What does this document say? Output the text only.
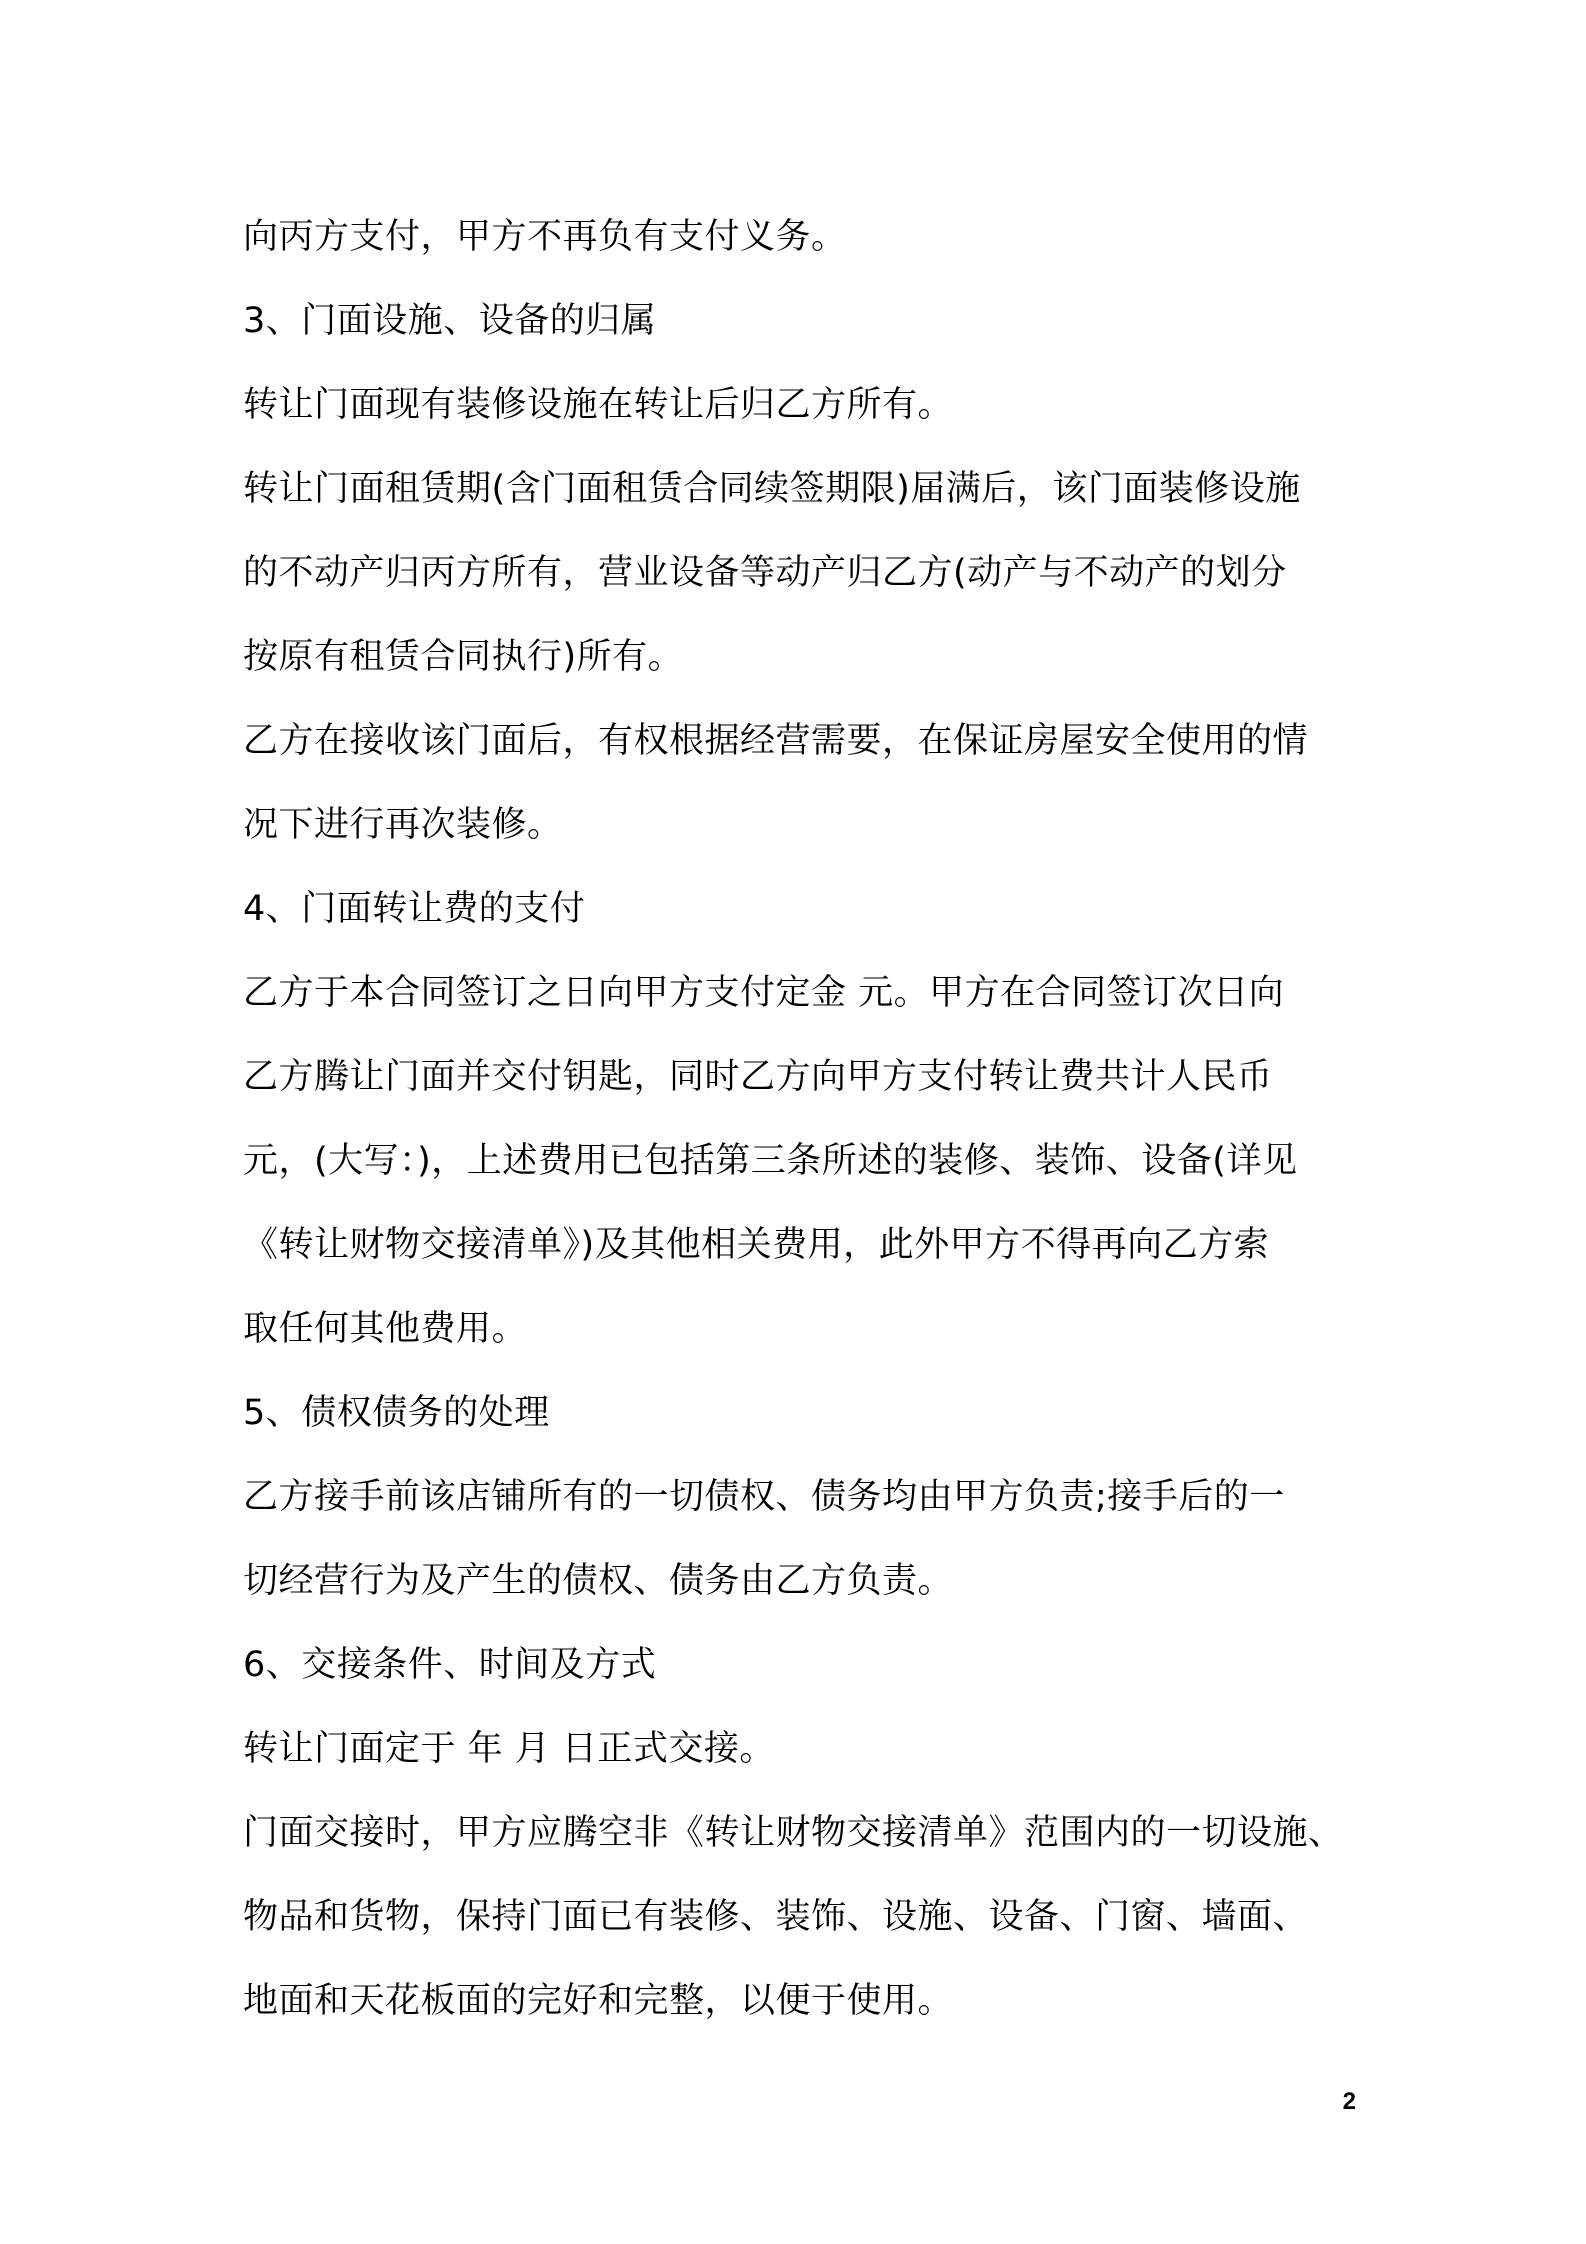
向丙方支付，甲方不再负有支付义务。
3、门面设施、设备的归属
转让门面现有装修设施在转让后归乙方所有。
转让门面租赁期(含门面租赁合同续签期限)届满后，该门面装修设施
的不动产归丙方所有，营业设备等动产归乙方(动产与不动产的划分
按原有租赁合同执行)所有。
乙方在接收该门面后，有权根据经营需要，在保证房屋安全使用的情
况下进行再次装修。
4、门面转让费的支付
乙方于本合同签订之日向甲方支付定金 元。甲方在合同签订次日向
乙方腾让门面并交付钥匙，同时乙方向甲方支付转让费共计人民币
元，(大写：)，上述费用已包括第三条所述的装修、装饰、设备(详见
《转让财物交接清单》)及其他相关费用，此外甲方不得再向乙方索
取任何其他费用。
5、债权债务的处理
乙方接手前该店铺所有的一切债权、债务均由甲方负责;接手后的一
切经营行为及产生的债权、债务由乙方负责。
6、交接条件、时间及方式
转让门面定于 年 月 日正式交接。
门面交接时，甲方应腾空非《转让财物交接清单》范围内的一切设施、
物品和货物，保持门面已有装修、装饰、设施、设备、门窗、墙面、
地面和天花板面的完好和完整，以便于使用。
2
